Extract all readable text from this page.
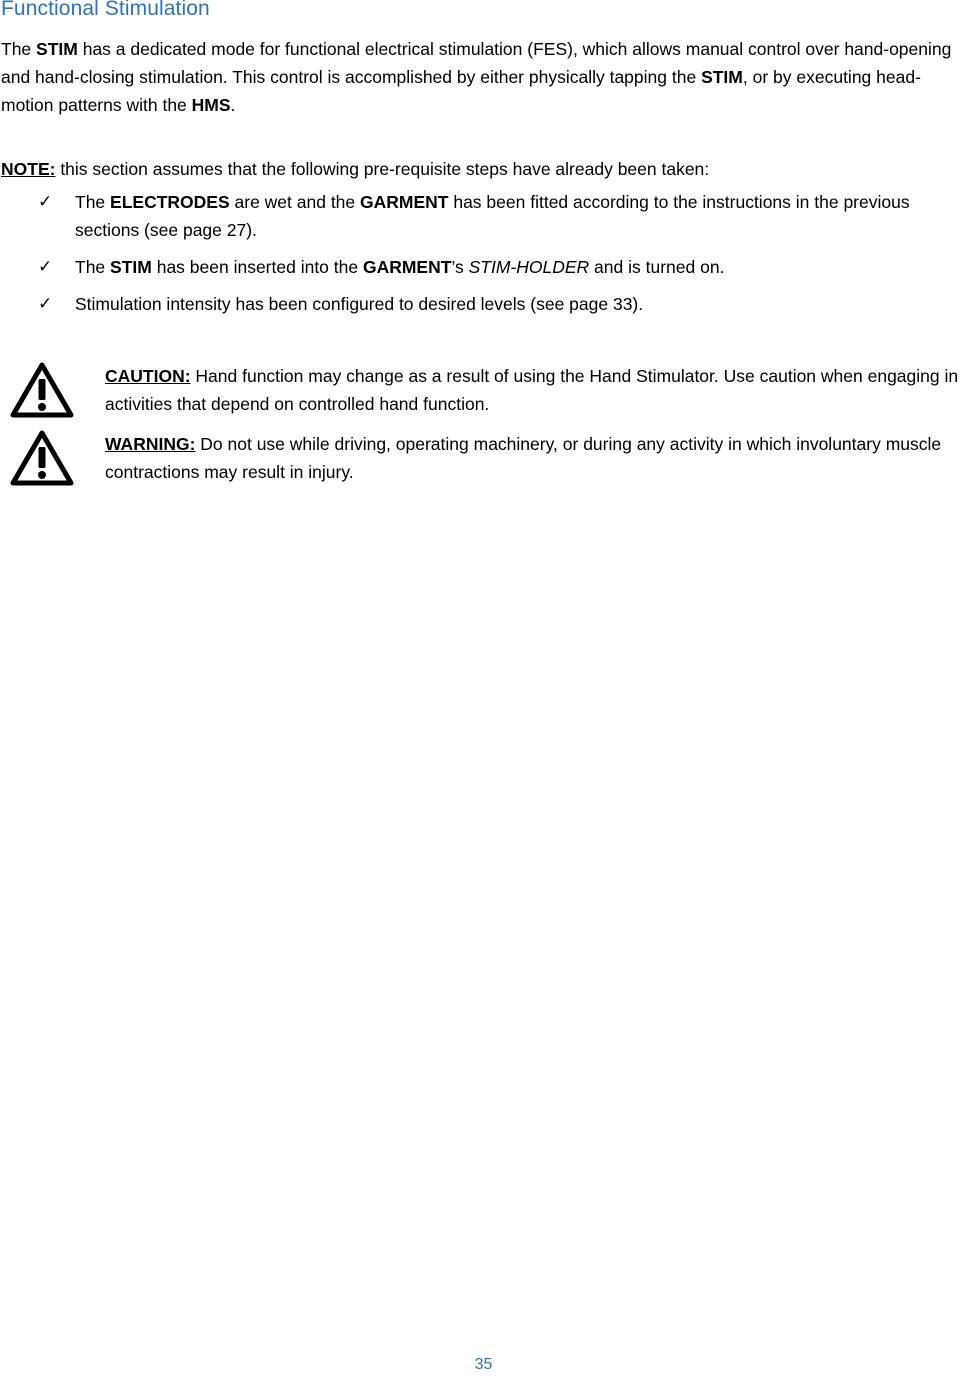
Functional Stimulation

The STIM has a dedicated mode for functional electrical stimulation (FES), which allows manual control over hand-opening and hand-closing stimulation. This control is accomplished by either physically tapping the STIM, or by executing head-motion patterns with the HMS.

NOTE: this section assumes that the following pre-requisite steps have already been taken:

✓ The ELECTRODES are wet and the GARMENT has been fitted according to the instructions in the previous sections (see page 27).
✓ The STIM has been inserted into the GARMENT’s STIM-HOLDER and is turned on.
✓ Stimulation intensity has been configured to desired levels (see page 33).

CAUTION: Hand function may change as a result of using the Hand Stimulator. Use caution when engaging in activities that depend on controlled hand function.

WARNING: Do not use while driving, operating machinery, or during any activity in which involuntary muscle contractions may result in injury.

35
